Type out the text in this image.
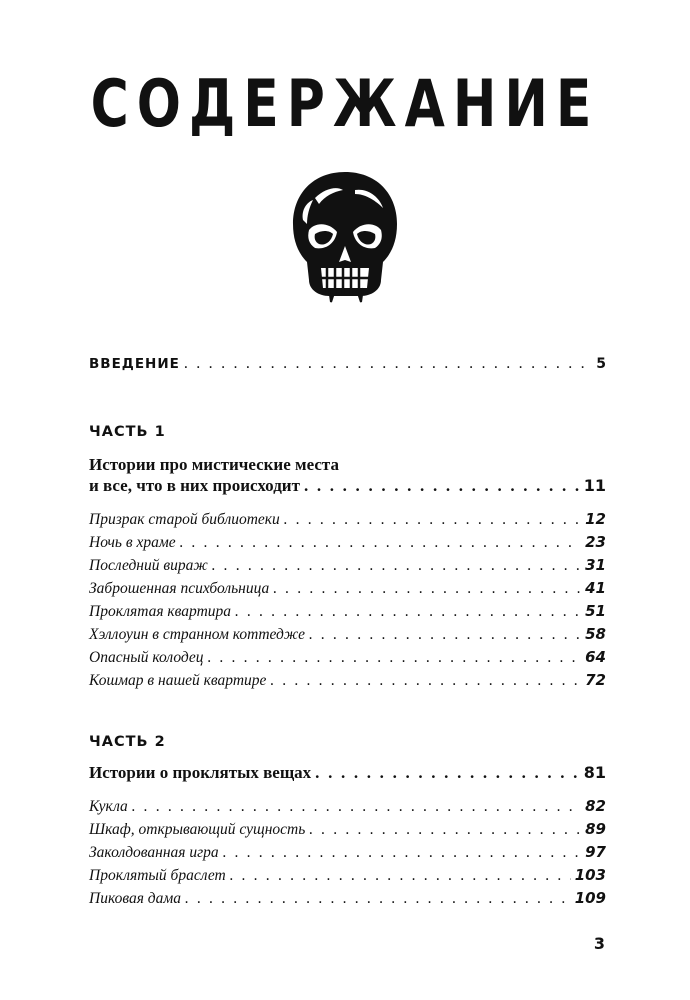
СОДЕРЖАНИЕ
ВВЕДЕНИЕ . . .	5
ЧАСТЬ 1
Истории про мистические места
и все, что в них происходит . . .	11
Призрак старой библиотеки . . .	12
Ночь в храме . . .	23
Последний вираж . . .	31
Заброшенная психбольница . . .	41
Проклятая квартира . . .	51
Хэллоуин в странном коттедже . . .	58
Опасный колодец . . .	64
Кошмар в нашей квартире . . .	72
ЧАСТЬ 2
Истории о проклятых вещах . . .	81
Кукла . . .	82
Шкаф, открывающий сущность . . .	89
Заколдованная игра . . .	97
Проклятый браслет . . .	103
Пиковая дама . . .	109
3
